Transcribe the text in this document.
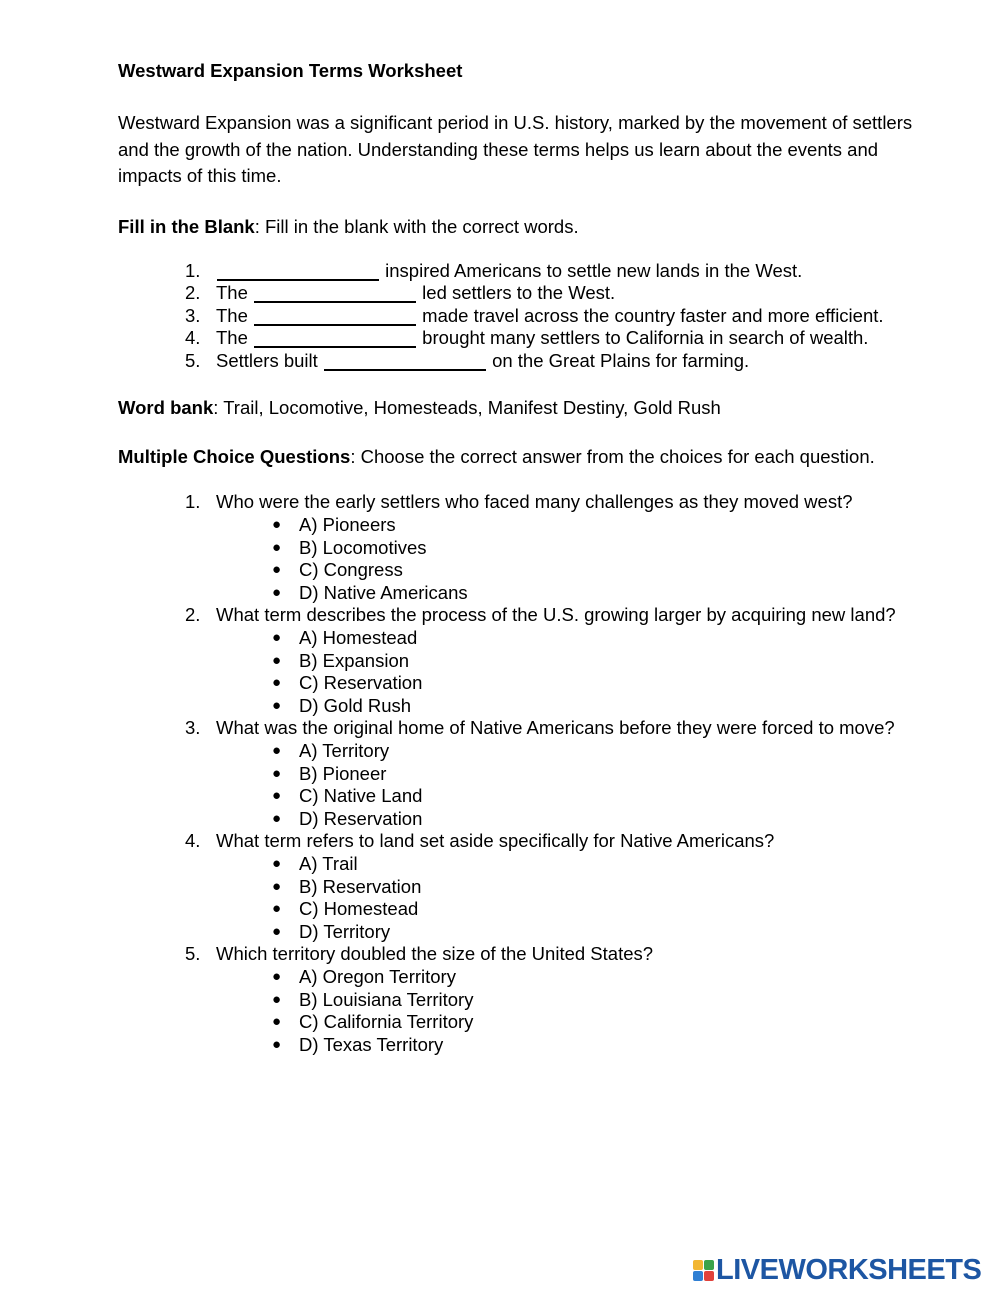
Westward Expansion Terms Worksheet

Westward Expansion was a significant period in U.S. history, marked by the movement of settlers and the growth of the nation. Understanding these terms helps us learn about the events and impacts of this time.

Fill in the Blank: Fill in the blank with the correct words.

1.	inspired Americans to settle new lands in the West.
2. The	led settlers to the West.
3. The	made travel across the country faster and more efficient.
4. The	brought many settlers to California in search of wealth.
5. Settlers built	on the Great Plains for farming.

Word bank: Trail, Locomotive, Homesteads, Manifest Destiny, Gold Rush

Multiple Choice Questions: Choose the correct answer from the choices for each question.

1. Who were the early settlers who faced many challenges as they moved west?
● A) Pioneers
● B) Locomotives
● C) Congress
● D) Native Americans
2. What term describes the process of the U.S. growing larger by acquiring new land?
● A) Homestead
● B) Expansion
● C) Reservation
● D) Gold Rush
3. What was the original home of Native Americans before they were forced to move?
● A) Territory
● B) Pioneer
● C) Native Land
● D) Reservation
4. What term refers to land set aside specifically for Native Americans?
● A) Trail
● B) Reservation
● C) Homestead
● D) Territory
5. Which territory doubled the size of the United States?
● A) Oregon Territory
● B) Louisiana Territory
● C) California Territory
● D) Texas Territory
LIVEWORKSHEETS
